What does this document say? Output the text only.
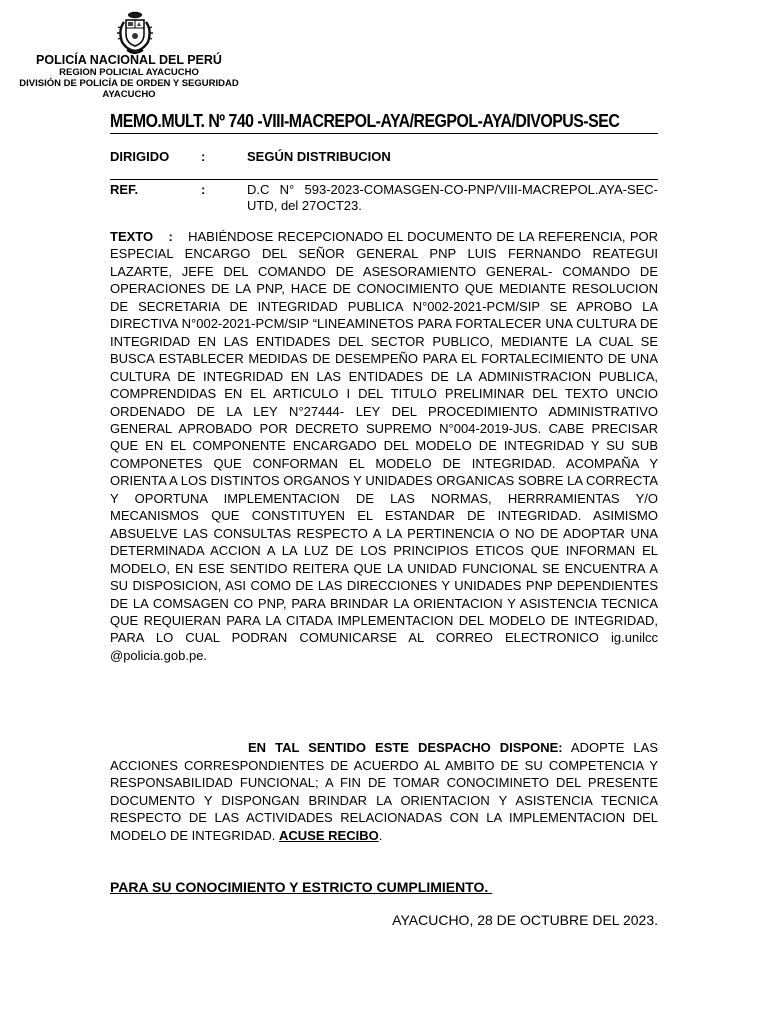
POLICÍA NACIONAL DEL PERÚ
REGION POLICIAL AYACUCHO
DIVISIÓN DE POLICÍA DE ORDEN Y SEGURIDAD
AYACUCHO
MEMO.MULT. Nº 740 -VIII-MACREPOL-AYA/REGPOL-AYA/DIVOPUS-SEC
DIRIGIDO :	SEGÚN DISTRIBUCION
REF.	:	D.C N° 593-2023-COMASGEN-CO-PNP/VIII-MACREPOL.AYA-SEC-UTD, del 27OCT23.

TEXTO : HABIÉNDOSE RECEPCIONADO EL DOCUMENTO DE LA REFERENCIA, POR ESPECIAL ENCARGO DEL SEÑOR GENERAL PNP LUIS FERNANDO REATEGUI LAZARTE, JEFE DEL COMANDO DE ASESORAMIENTO GENERAL- COMANDO DE OPERACIONES DE LA PNP, HACE DE CONOCIMIENTO QUE MEDIANTE RESOLUCION DE SECRETARIA DE INTEGRIDAD PUBLICA N°002-2021-PCM/SIP SE APROBO LA DIRECTIVA N°002-2021-PCM/SIP “LINEAMINETOS PARA FORTALECER UNA CULTURA DE INTEGRIDAD EN LAS ENTIDADES DEL SECTOR PUBLICO, MEDIANTE LA CUAL SE BUSCA ESTABLECER MEDIDAS DE DESEMPEÑO PARA EL FORTALECIMIENTO DE UNA CULTURA DE INTEGRIDAD EN LAS ENTIDADES DE LA ADMINISTRACION PUBLICA, COMPRENDIDAS EN EL ARTICULO I DEL TITULO PRELIMINAR DEL TEXTO UNCIO ORDENADO DE LA LEY N°27444- LEY DEL PROCEDIMIENTO ADMINISTRATIVO GENERAL APROBADO POR DECRETO SUPREMO N°004-2019-JUS. CABE PRECISAR QUE EN EL COMPONENTE ENCARGADO DEL MODELO DE INTEGRIDAD Y SU SUB COMPONETES QUE CONFORMAN EL MODELO DE INTEGRIDAD. ACOMPAÑA Y ORIENTA A LOS DISTINTOS ORGANOS Y UNIDADES ORGANICAS SOBRE LA CORRECTA Y OPORTUNA IMPLEMENTACION DE LAS NORMAS, HERRRAMIENTAS Y/O MECANISMOS QUE CONSTITUYEN EL ESTANDAR DE INTEGRIDAD. ASIMISMO ABSUELVE LAS CONSULTAS RESPECTO A LA PERTINENCIA O NO DE ADOPTAR UNA DETERMINADA ACCION A LA LUZ DE LOS PRINCIPIOS ETICOS QUE INFORMAN EL MODELO, EN ESE SENTIDO REITERA QUE LA UNIDAD FUNCIONAL SE ENCUENTRA A SU DISPOSICION, ASI COMO DE LAS DIRECCIONES Y UNIDADES PNP DEPENDIENTES DE LA COMSAGEN CO PNP, PARA BRINDAR LA ORIENTACION Y ASISTENCIA TECNICA QUE REQUIERAN PARA LA CITADA IMPLEMENTACION DEL MODELO DE INTEGRIDAD, PARA LO CUAL PODRAN COMUNICARSE AL CORREO ELECTRONICO ig.unilcc @policia.gob.pe.

EN TAL SENTIDO ESTE DESPACHO DISPONE: ADOPTE LAS ACCIONES CORRESPONDIENTES DE ACUERDO AL AMBITO DE SU COMPETENCIA Y RESPONSABILIDAD FUNCIONAL; A FIN DE TOMAR CONOCIMINETO DEL PRESENTE DOCUMENTO Y DISPONGAN BRINDAR LA ORIENTACION Y ASISTENCIA TECNICA RESPECTO DE LAS ACTIVIDADES RELACIONADAS CON LA IMPLEMENTACION DEL MODELO DE INTEGRIDAD. ACUSE RECIBO.

PARA SU CONOCIMIENTO Y ESTRICTO CUMPLIMIENTO.
AYACUCHO, 28 DE OCTUBRE DEL 2023.
